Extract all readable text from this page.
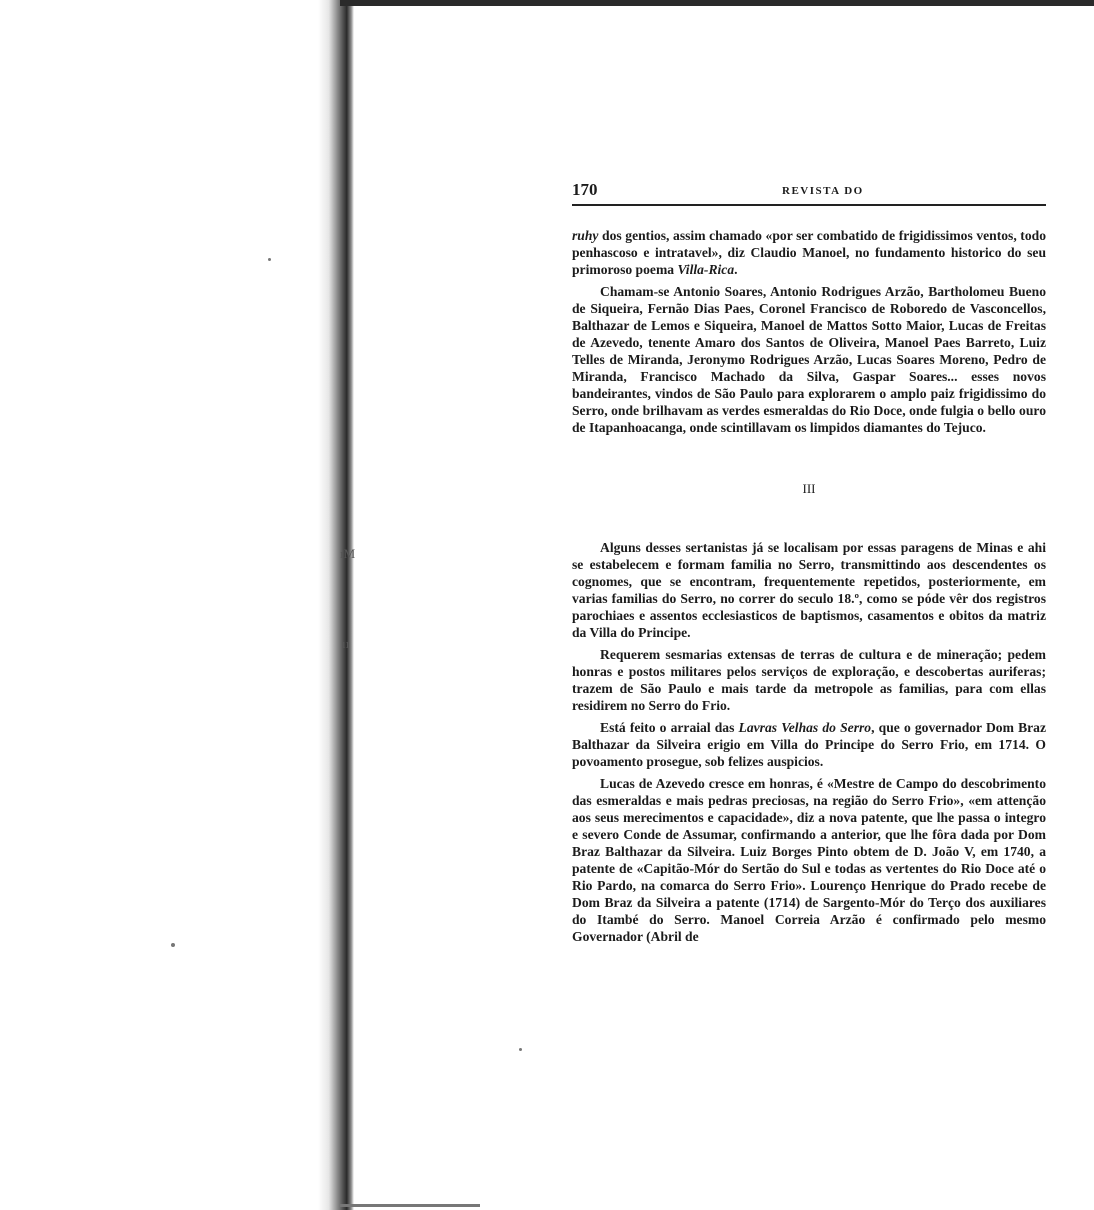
ıM
ıı
170	REVISTA DO

ruhy dos gentios, assim chamado «por ser combatido de frigidissimos ventos, todo penhascoso e intratavel», diz Claudio Manoel, no fundamento historico do seu primoroso poema Villa-Rica.

Chamam-se Antonio Soares, Antonio Rodrigues Arzão, Bartholomeu Bueno de Siqueira, Fernão Dias Paes, Coronel Francisco de Roboredo de Vasconcellos, Balthazar de Lemos e Siqueira, Manoel de Mattos Sotto Maior, Lucas de Freitas de Azevedo, tenente Amaro dos Santos de Oliveira, Manoel Paes Barreto, Luiz Telles de Miranda, Jeronymo Rodrigues Arzão, Lucas Soares Moreno, Pedro de Miranda, Francisco Machado da Silva, Gaspar Soares... esses novos bandeirantes, vindos de São Paulo para explorarem o amplo paiz frigidissimo do Serro, onde brilhavam as verdes esmeraldas do Rio Doce, onde fulgia o bello ouro de Itapanhoacanga, onde scintillavam os limpidos diamantes do Tejuco.

III

Alguns desses sertanistas já se localisam por essas paragens de Minas e ahi se estabelecem e formam familia no Serro, transmittindo aos descendentes os cognomes, que se encontram, frequentemente repetidos, posteriormente, em varias familias do Serro, no correr do seculo 18.º, como se póde vêr dos registros parochiaes e assentos ecclesiasticos de baptismos, casamentos e obitos da matriz da Villa do Principe.

Requerem sesmarias extensas de terras de cultura e de mineração; pedem honras e postos militares pelos serviços de exploração, e descobertas auriferas; trazem de São Paulo e mais tarde da metropole as familias, para com ellas residirem no Serro do Frio.

Está feito o arraial das Lavras Velhas do Serro, que o governador Dom Braz Balthazar da Silveira erigio em Villa do Principe do Serro Frio, em 1714. O povoamento prosegue, sob felizes auspicios.

Lucas de Azevedo cresce em honras, é «Mestre de Campo do descobrimento das esmeraldas e mais pedras preciosas, na região do Serro Frio», «em attenção aos seus merecimentos e capacidade», diz a nova patente, que lhe passa o integro e severo Conde de Assumar, confirmando a anterior, que lhe fôra dada por Dom Braz Balthazar da Silveira. Luiz Borges Pinto obtem de D. João V, em 1740, a patente de «Capitão-Mór do Sertão do Sul e todas as vertentes do Rio Doce até o Rio Pardo, na comarca do Serro Frio». Lourenço Henrique do Prado recebe de Dom Braz da Silveira a patente (1714) de Sargento-Mór do Terço dos auxiliares do Itambé do Serro. Manoel Correia Arzão é confirmado pelo mesmo Governador (Abril de
